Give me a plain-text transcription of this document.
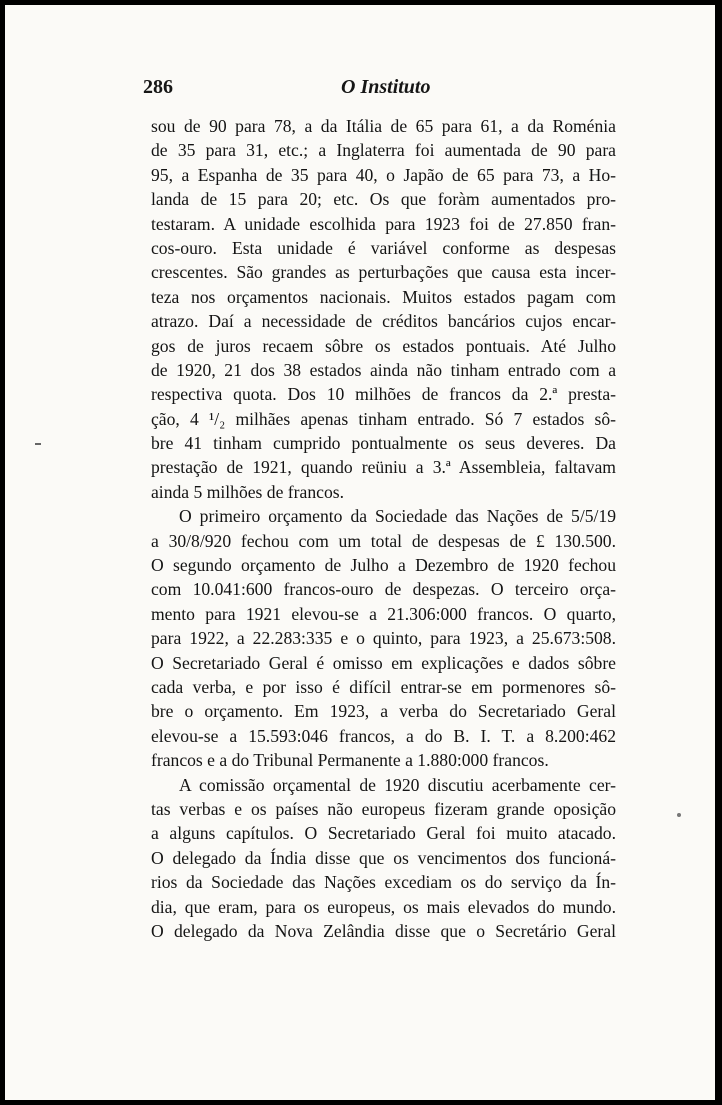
286	O Instituto
sou de 90 para 78, a da Itália de 65 para 61, a da Roménia
de 35 para 31, etc.; a Inglaterra foi aumentada de 90 para
95, a Espanha de 35 para 40, o Japão de 65 para 73, a Ho-
landa de 15 para 20; etc. Os que foràm aumentados pro-
testaram. A unidade escolhida para 1923 foi de 27.850 fran-
cos-ouro. Esta unidade é variável conforme as despesas
crescentes. São grandes as perturbações que causa esta incer-
teza nos orçamentos nacionais. Muitos estados pagam com
atrazo. Daí a necessidade de créditos bancários cujos encar-
gos de juros recaem sôbre os estados pontuais. Até Julho
de 1920, 21 dos 38 estados ainda não tinham entrado com a
respectiva quota. Dos 10 milhões de francos da 2.ª presta-
ção, 4 ¹/₂ milhães apenas tinham entrado. Só 7 estados sô-
bre 41 tinham cumprido pontualmente os seus deveres. Da
prestação de 1921, quando reüniu a 3.ª Assembleia, faltavam
ainda 5 milhões de francos.
O primeiro orçamento da Sociedade das Nações de 5/5/19
a 30/8/920 fechou com um total de despesas de £ 130.500.
O segundo orçamento de Julho a Dezembro de 1920 fechou
com 10.041:600 francos-ouro de despezas. O terceiro orça-
mento para 1921 elevou-se a 21.306:000 francos. O quarto,
para 1922, a 22.283:335 e o quinto, para 1923, a 25.673:508.
O Secretariado Geral é omisso em explicações e dados sôbre
cada verba, e por isso é difícil entrar-se em pormenores sô-
bre o orçamento. Em 1923, a verba do Secretariado Geral
elevou-se a 15.593:046 francos, a do B. I. T. a 8.200:462
francos e a do Tribunal Permanente a 1.880:000 francos.
A comissão orçamental de 1920 discutiu acerbamente cer-
tas verbas e os países não europeus fizeram grande oposição
a alguns capítulos. O Secretariado Geral foi muito atacado.
O delegado da Índia disse que os vencimentos dos funcioná-
rios da Sociedade das Nações excediam os do serviço da Ín-
dia, que eram, para os europeus, os mais elevados do mundo.
O delegado da Nova Zelândia disse que o Secretário Geral
